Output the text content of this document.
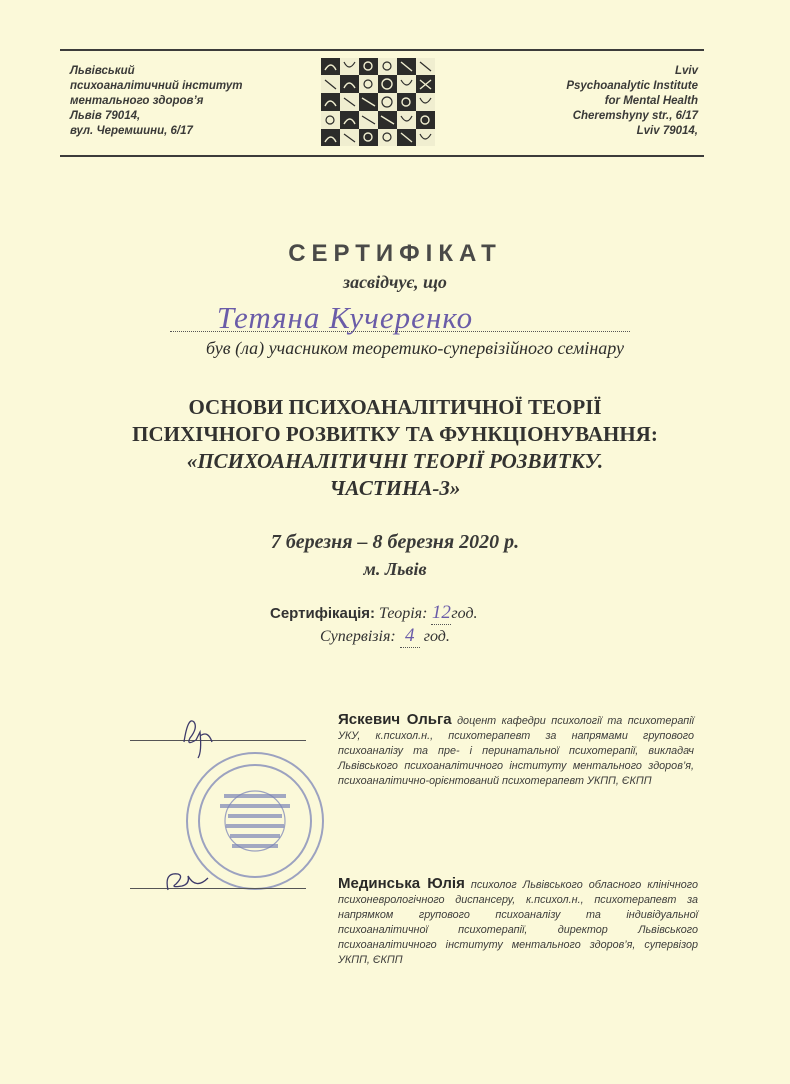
Львівський
психоаналітичний інститут
ментального здоров’я
Львів 79014,
вул. Черемшини, 6/17
Lviv
Psychoanalytic Institute
for Mental Health
Cheremshyny str., 6/17
Lviv 79014,
СЕРТИФІКАТ
засвідчує, що
Тетяна Кучеренко
був (ла) учасником теоретико-супервізійного семінару
ОСНОВИ ПСИХОАНАЛІТИЧНОЇ ТЕОРІЇ
ПСИХІЧНОГО РОЗВИТКУ ТА ФУНКЦІОНУВАННЯ:
«ПСИХОАНАЛІТИЧНІ ТЕОРІЇ РОЗВИТКУ.
ЧАСТИНА-3»
7 березня – 8 березня 2020 р.
м. Львів
Сертифікація: Теорія: 12год.
Супервізія: 4 год.
Яскевич Ольга доцент кафедри психології та психотерапії УКУ, к.психол.н., психотерапевт за напрямами групового психоаналізу та пре- і перинатальної психотерапії, викладач Львівського психоаналітичного інституту ментального здоров’я, психоаналітично-орієнтований психотерапевт УКПП, ЄКПП
Мединська Юлія психолог Львівського обласного клінічного психоневрологічного диспансеру, к.психол.н., психотерапевт за напрямком групового психоаналізу та індивідуальної психоаналітичної психотерапії, директор Львівського психоаналітичного інституту ментального здоров’я, супервізор УКПП, ЄКПП
